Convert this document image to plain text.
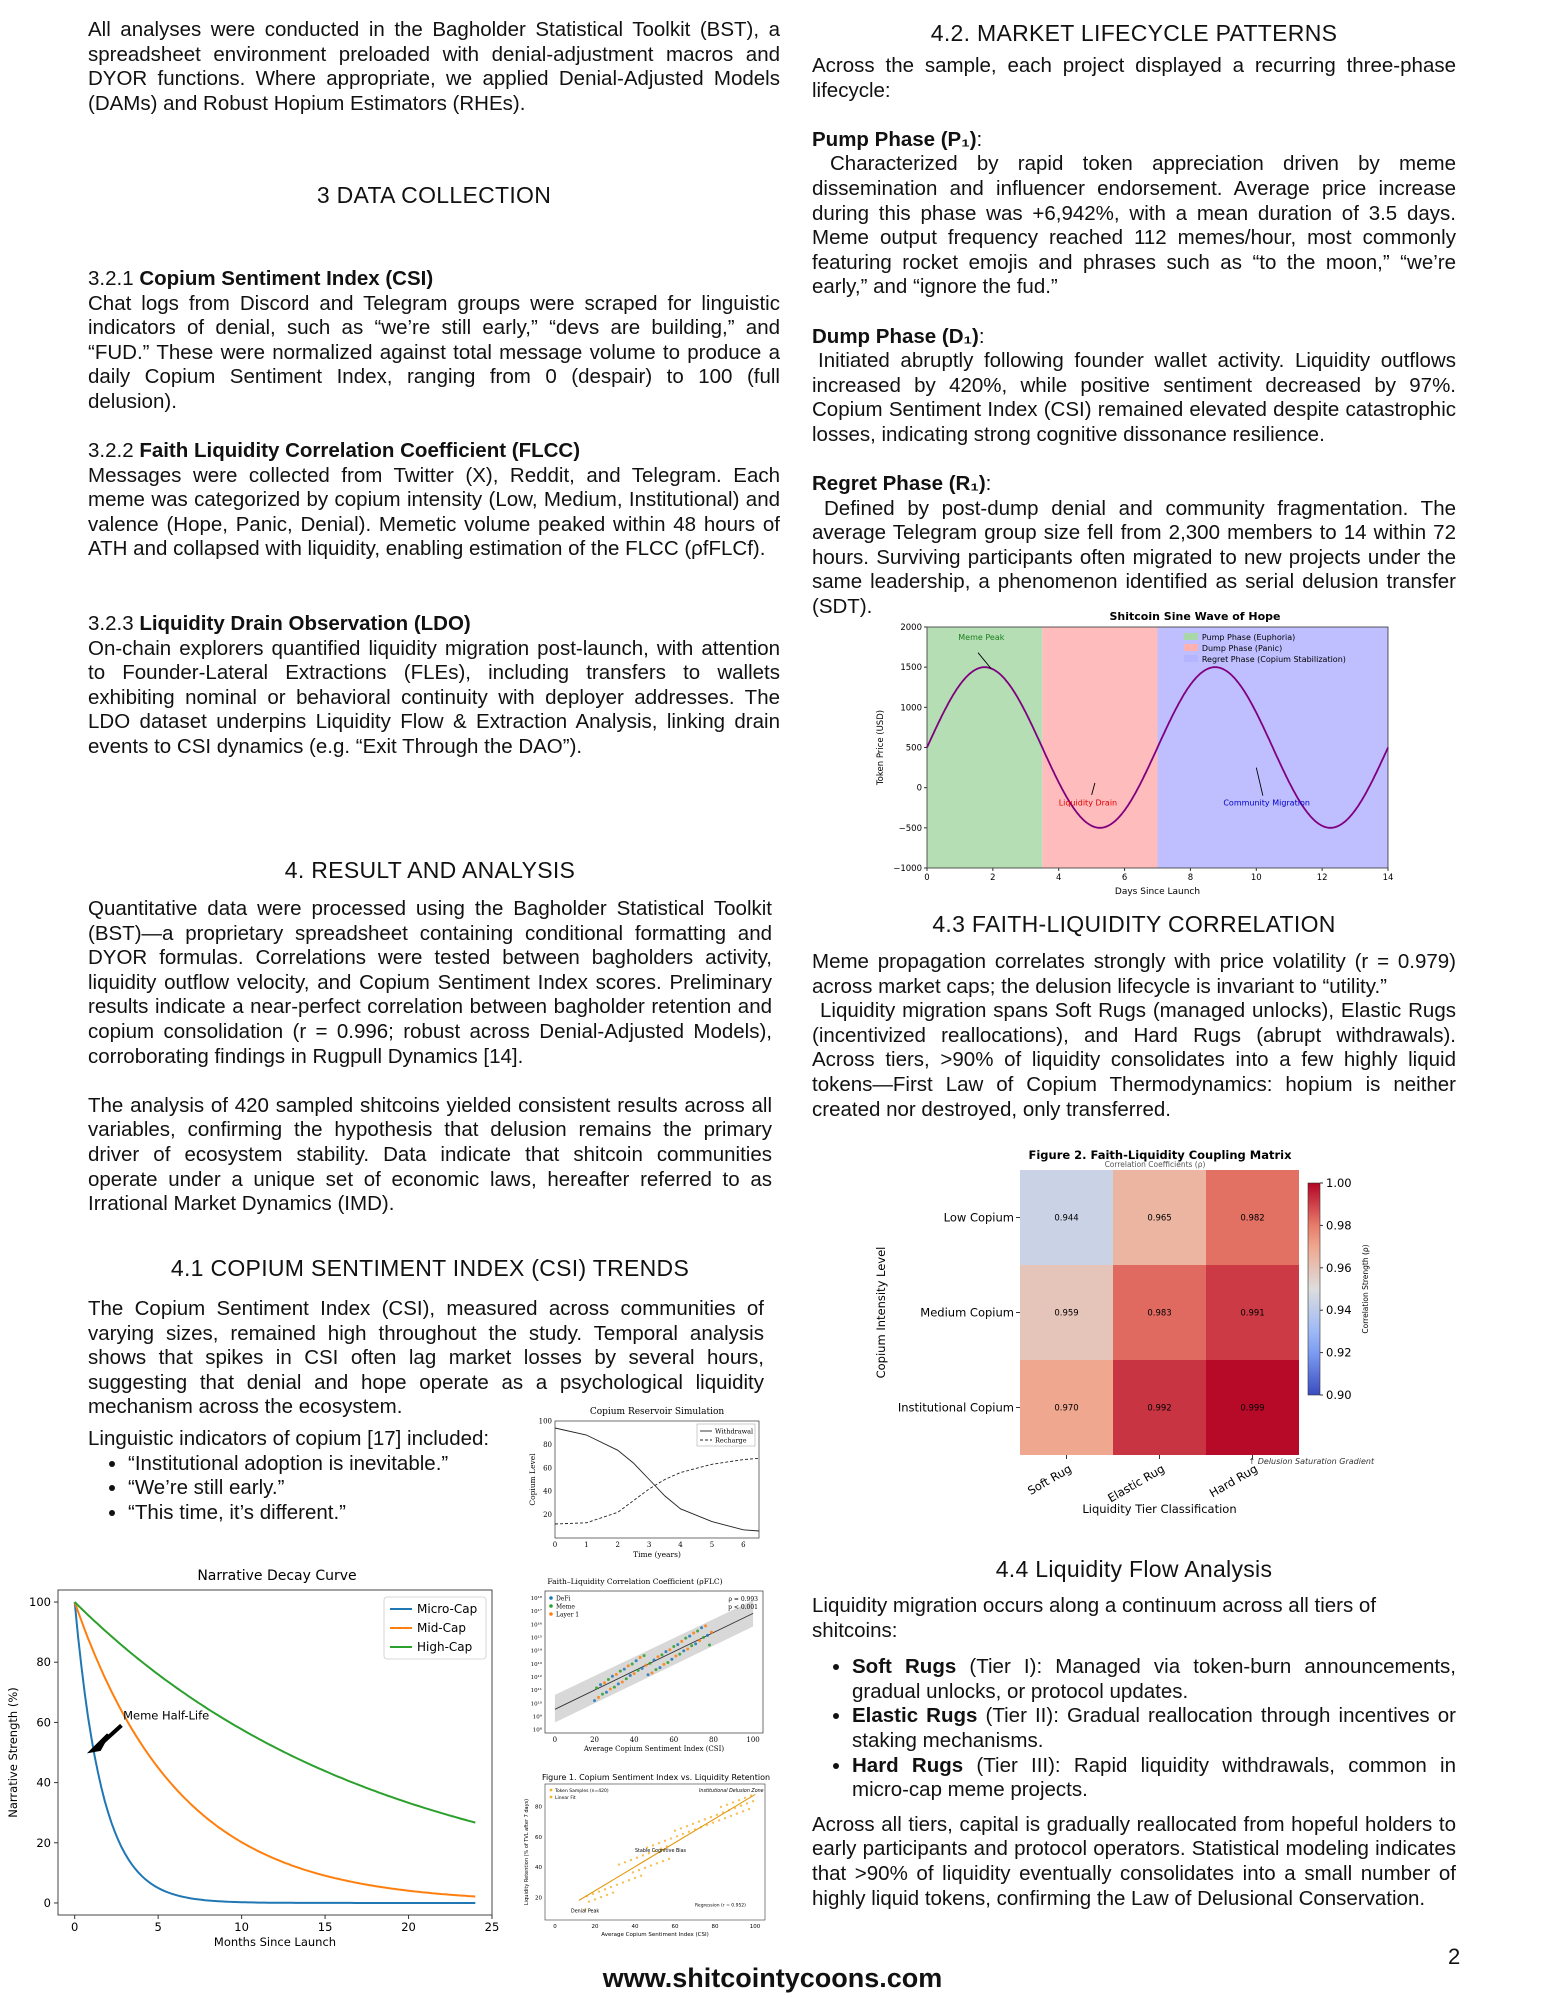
All analyses were conducted in the Bagholder Statistical Toolkit (BST), a spreadsheet environment preloaded with denial-adjustment macros and DYOR functions. Where appropriate, we applied Denial-Adjusted Models (DAMs) and Robust Hopium Estimators (RHEs).

3 DATA COLLECTION

3.2.1 Copium Sentiment Index (CSI)

Chat logs from Discord and Telegram groups were scraped for linguistic indicators of denial, such as “we’re still early,” “devs are building,” and “FUD.” These were normalized against total message volume to produce a daily Copium Sentiment Index, ranging from 0 (despair) to 100 (full delusion).

3.2.2 Faith Liquidity Correlation Coefficient (FLCC)

Messages were collected from Twitter (X), Reddit, and Telegram. Each meme was categorized by copium intensity (Low, Medium, Institutional) and valence (Hope, Panic, Denial). Memetic volume peaked within 48 hours of ATH and collapsed with liquidity, enabling estimation of the FLCC (ρfFLCf).

3.2.3 Liquidity Drain Observation (LDO)

On-chain explorers quantified liquidity migration post-launch, with attention to Founder-Lateral Extractions (FLEs), including transfers to wallets exhibiting nominal or behavioral continuity with deployer addresses. The LDO dataset underpins Liquidity Flow & Extraction Analysis, linking drain events to CSI dynamics (e.g. “Exit Through the DAO”).

4. RESULT AND ANALYSIS

Quantitative data were processed using the Bagholder Statistical Toolkit (BST)—a proprietary spreadsheet containing conditional formatting and DYOR formulas. Correlations were tested between bagholders activity, liquidity outflow velocity, and Copium Sentiment Index scores. Preliminary results indicate a near-perfect correlation between bagholder retention and copium consolidation (r = 0.996; robust across Denial-Adjusted Models), corroborating findings in Rugpull Dynamics [14].

The analysis of 420 sampled shitcoins yielded consistent results across all variables, confirming the hypothesis that delusion remains the primary driver of ecosystem stability. Data indicate that shitcoin communities operate under a unique set of economic laws, hereafter referred to as Irrational Market Dynamics (IMD).

4.1 COPIUM SENTIMENT INDEX (CSI) TRENDS

The Copium Sentiment Index (CSI), measured across communities of varying sizes, remained high throughout the study. Temporal analysis shows that spikes in CSI often lag market losses by several hours, suggesting that denial and hope operate as a psychological liquidity mechanism across the ecosystem.

Linguistic indicators of copium [17] included:

• “Institutional adoption is inevitable.”
• “We’re still early.”
• “This time, it’s different.”
4.2. MARKET LIFECYCLE PATTERNS

Across the sample, each project displayed a recurring three-phase lifecycle:

Pump Phase (P₁):

Characterized by rapid token appreciation driven by meme dissemination and influencer endorsement. Average price increase during this phase was +6,942%, with a mean duration of 3.5 days. Meme output frequency reached 112 memes/hour, most commonly featuring rocket emojis and phrases such as “to the moon,” “we’re early,” and “ignore the fud.”

Dump Phase (D₁):

Initiated abruptly following founder wallet activity. Liquidity outflows increased by 420%, while positive sentiment decreased by 97%. Copium Sentiment Index (CSI) remained elevated despite catastrophic losses, indicating strong cognitive dissonance resilience.

Regret Phase (R₁):

Defined by post-dump denial and community fragmentation. The average Telegram group size fell from 2,300 members to 14 within 72 hours. Surviving participants often migrated to new projects under the same leadership, a phenomenon identified as serial delusion transfer (SDT).	Shitcoin Sine Wave of Hope
0	2	4	6	8	10	12	14
−1000
−500
0
500
1000
1500
2000
Days Since Launch
Token Price (USD)
Pump Phase (Euphoria)
Dump Phase (Panic)
Regret Phase (Copium Stabilization)
Meme Peak
Liquidity Drain	Community Migration
4.3 FAITH-LIQUIDITY CORRELATION

Meme propagation correlates strongly with price volatility (r = 0.979) across market caps; the delusion lifecycle is invariant to “utility.”

Liquidity migration spans Soft Rugs (managed unlocks), Elastic Rugs (incentivized reallocations), and Hard Rugs (abrupt withdrawals). Across tiers, >90% of liquidity consolidates into a few highly liquid tokens—First Law of Copium Thermodynamics: hopium is neither created nor destroyed, only transferred.

Figure 2. Faith-Liquidity Coupling Matrix
Correlation Coefficients (ρ)
0.944	0.965	0.982
0.959	0.983	0.991
0.970	0.992	0.999
Low Copium
Medium Copium
Institutional Copium
Soft Rug	Elastic Rug	Hard Rug
Liquidity Tier Classification
Copium Intensity Level
↑ Delusion Saturation Gradient
0.90
0.92
0.94
0.96
0.98
1.00
Correlation Strength (ρ)
4.4 Liquidity Flow Analysis

Liquidity migration occurs along a continuum across all tiers of shitcoins:

• Soft Rugs (Tier I): Managed via token-burn announcements, gradual unlocks, or protocol updates.
• Elastic Rugs (Tier II): Gradual reallocation through incentives or staking mechanisms.
• Hard Rugs (Tier III): Rapid liquidity withdrawals, common in micro-cap meme projects.

Across all tiers, capital is gradually reallocated from hopeful holders to early participants and protocol operators. Statistical modeling indicates that >90% of liquidity eventually consolidates into a small number of highly liquid tokens, confirming the Law of Delusional Conservation.

Copium Reservoir Simulation
0	1	2	3	4	5	6
20
40
60
80
100
Time (years)
Copium Level
Withdrawal
Recharge
Narrative Decay Curve
0	5	10	15	20	25
0
20
40
60
80
100
Months Since Launch
Narrative Strength (%)
Micro-Cap
Mid-Cap
High-Cap
Meme Half-Life
Faith–Liquidity Correlation Coefficient (ρFLC)
0	20	40	60	80	100
10⁸
10⁹
10¹⁰
10¹¹
10¹²
10¹³
10¹⁴
10¹⁵
10¹⁶
10¹⁷
10¹⁸
Average Copium Sentiment Index (CSI)
DeFi
Meme
Layer 1
ρ = 0.993
p < 0.001
Figure 1. Copium Sentiment Index vs. Liquidity Retention
0	20	40	60	80	100
20
40
60
80
Average Copium Sentiment Index (CSI)
Liquidity Retention (% of TVL after 7 days)
Token Samples (n=420)
Linear Fit
Institutional Delusion Zone
Stable Cognitive Bias
Denial Peak
Regression (r = 0.952)
2
www.shitcointycoons.com
